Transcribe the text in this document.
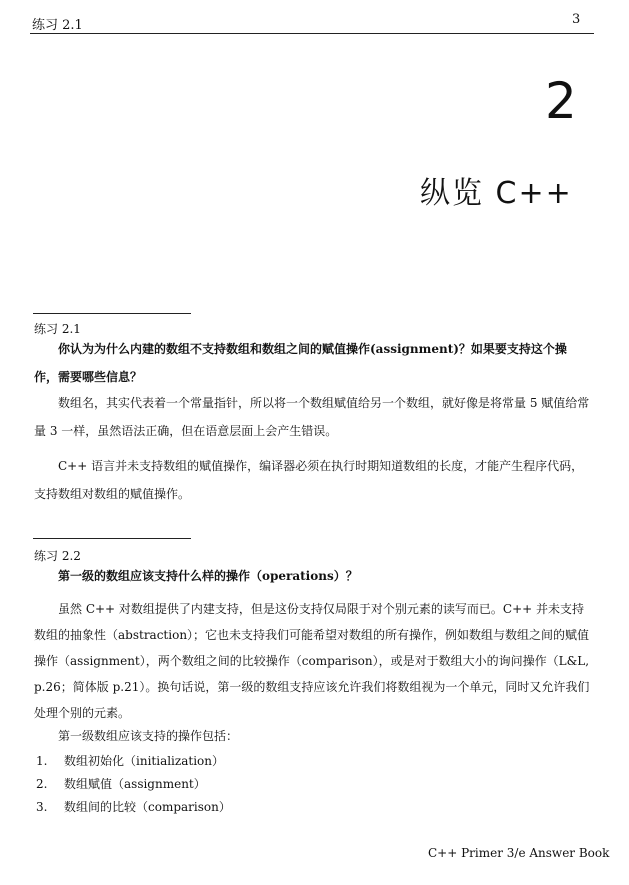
练习 2.1	3
2
纵览 C++
练习 2.1
你认为为什么内建的数组不支持数组和数组之间的赋值操作(assignment)？如果要支持这个操作，需要哪些信息？
数组名，其实代表着一个常量指针，所以将一个数组赋值给另一个数组，就好像是将常量 5 赋值给常量 3 一样，虽然语法正确，但在语意层面上会产生错误。
C++ 语言并未支持数组的赋值操作，编译器必须在执行时期知道数组的长度，才能产生程序代码，支持数组对数组的赋值操作。
练习 2.2
第一级的数组应该支持什么样的操作（operations）？
虽然 C++ 对数组提供了内建支持，但是这份支持仅局限于对个别元素的读写而已。C++ 并未支持数组的抽象性（abstraction）；它也未支持我们可能希望对数组的所有操作，例如数组与数组之间的赋值操作（assignment），两个数组之间的比较操作（comparison），或是对于数组大小的询问操作（L&L, p.26；简体版 p.21）。换句话说，第一级的数组支持应该允许我们将数组视为一个单元，同时又允许我们处理个别的元素。
第一级数组应该支持的操作包括：
1. 数组初始化（initialization）
2. 数组赋值（assignment）
3. 数组间的比较（comparison）
C++ Primer 3/e Answer Book
